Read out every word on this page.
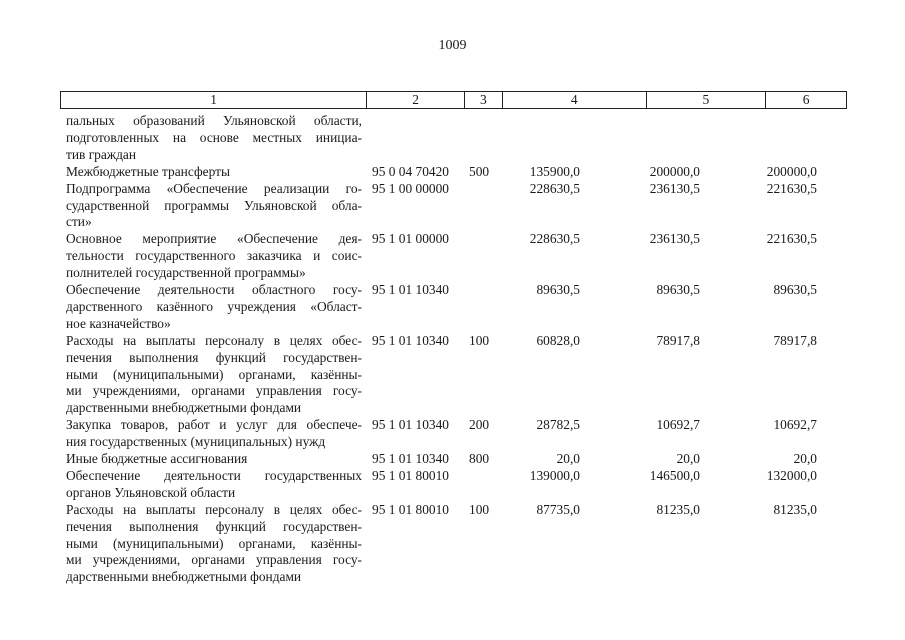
1009
1	2	3	4	5	6
пальных образований Ульяновской области,
подготовленных на основе местных инициа-
тив граждан
Межбюджетные трансферты	95 0 04 70420 500	135900,0	200000,0	200000,0
Подпрограмма «Обеспечение реализации го-
сударственной программы Ульяновской обла-
сти»
95 1 00 00000	228630,5	236130,5	221630,5
Основное мероприятие «Обеспечение дея-
тельности государственного заказчика и соис-
полнителей государственной программы»
95 1 01 00000	228630,5	236130,5	221630,5
Обеспечение деятельности областного госу-
дарственного казённого учреждения «Област-
ное казначейство»
95 1 01 10340	89630,5	89630,5	89630,5
Расходы на выплаты персоналу в целях обес-
печения выполнения функций государствен-
ными (муниципальными) органами, казённы-
ми учреждениями, органами управления госу-
дарственными внебюджетными фондами
95 1 01 10340 100	60828,0	78917,8	78917,8
Закупка товаров, работ и услуг для обеспече-
ния государственных (муниципальных) нужд
95 1 01 10340 200	28782,5	10692,7	10692,7
Иные бюджетные ассигнования	95 1 01 10340 800	20,0	20,0	20,0
Обеспечение деятельности государственных
органов Ульяновской области
95 1 01 80010	139000,0	146500,0	132000,0
Расходы на выплаты персоналу в целях обес-
печения выполнения функций государствен-
ными (муниципальными) органами, казённы-
ми учреждениями, органами управления госу-
дарственными внебюджетными фондами
95 1 01 80010 100	87735,0	81235,0	81235,0
